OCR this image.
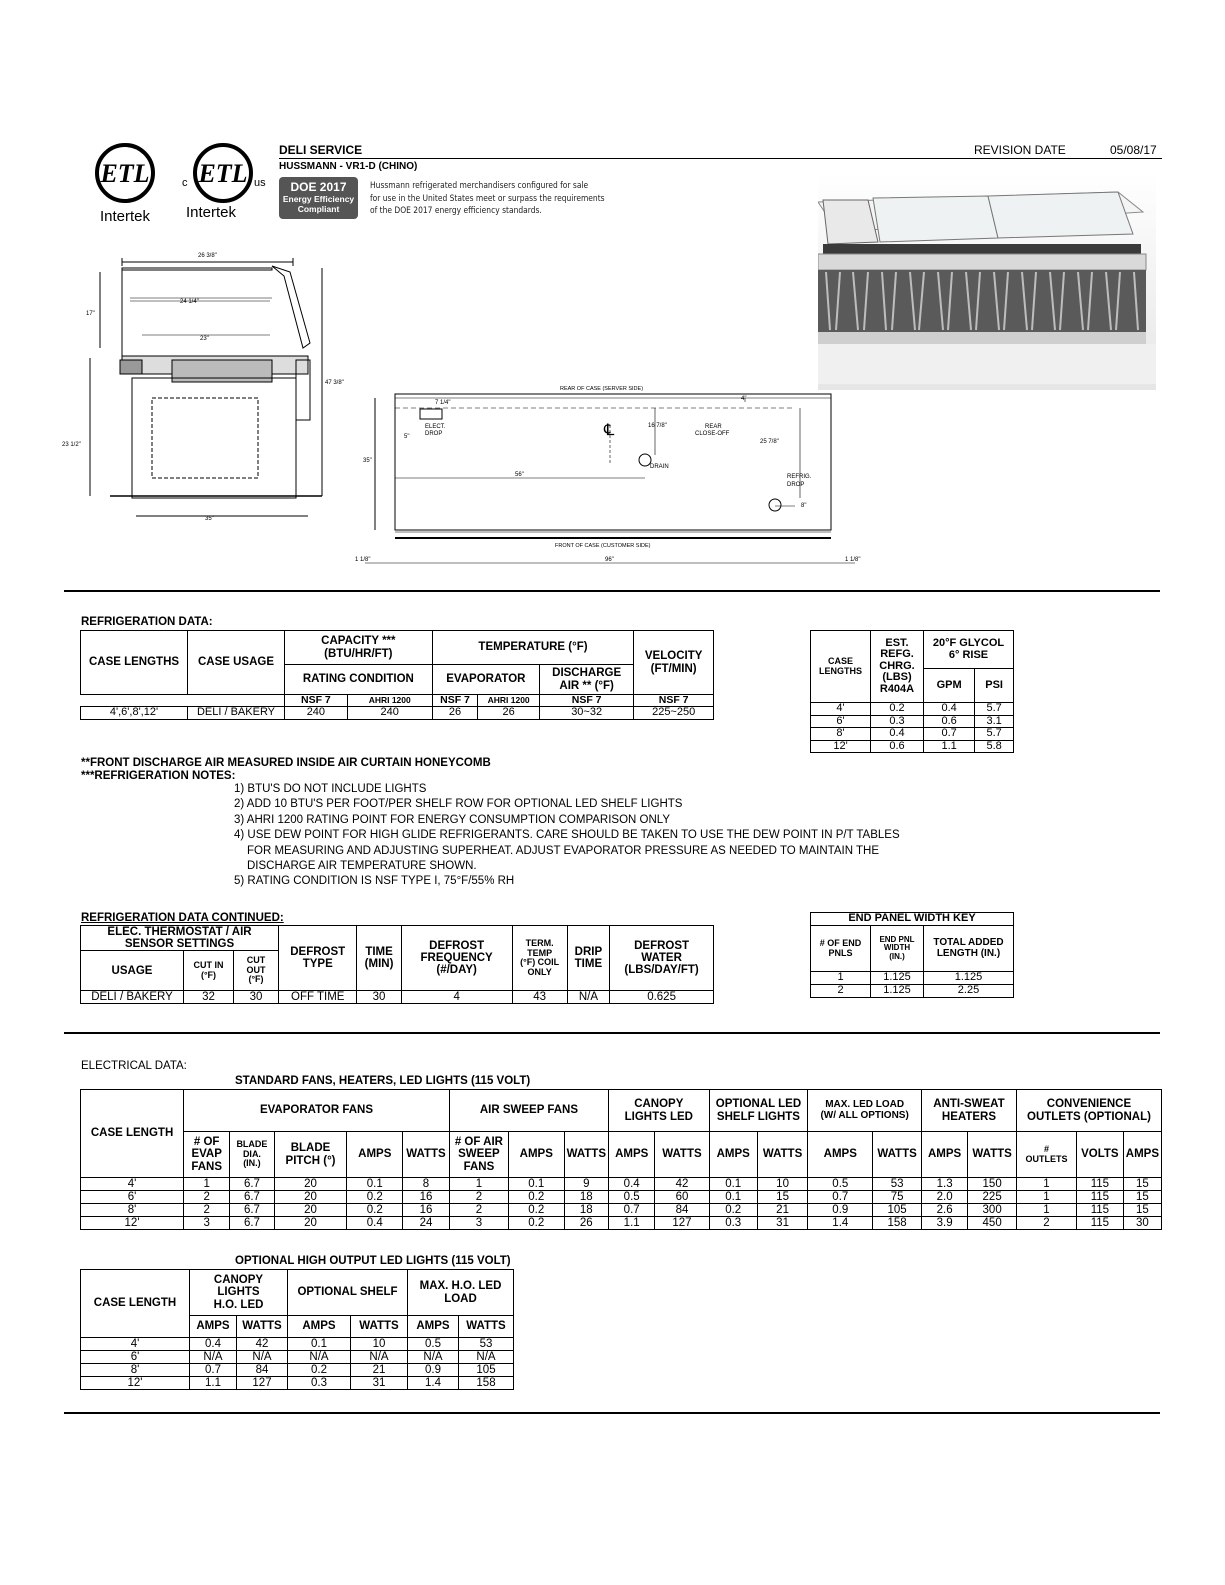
ETL
Intertek
c ETL us
Intertek
DELI SERVICE	REVISION DATE	05/08/17
HUSSMANN - VR1-D (CHINO)
DOE 2017
Energy Efficiency
Compliant
Hussmann refrigerated merchandisers configured for sale
for use in the United States meet or surpass the requirements
of the DOE 2017 energy efficiency standards.
26 3/8"
24 1/4"
17"
23"
47 3/8"
23 1/2"
35"
REAR OF CASE (SERVER SIDE)
FRONT OF CASE (CUSTOMER SIDE)
7 1/4"
5"
ELECT.
DROP	℄	16 7/8"
4"
REAR
CLOSE-OFF
25 7/8"
DRAIN
56"
35"
REFRIG.
DROP
8"
1 1/8"	96"	1 1/8"
REFRIGERATION DATA:
CASE LENGTHS	CASE USAGE	CAPACITY ***
(BTU/HR/FT)		TEMPERATURE (°F)			VELOCITY
(FT/MIN)
		RATING CONDITION		EVAPORATOR		DISCHARGE
AIR ** (°F)	
		NSF 7	AHRI 1200	NSF 7	AHRI 1200	NSF 7	NSF 7
4',6',8',12'	DELI / BAKERY	240	240	26	26	30~32	225~250
CASE
LENGTHS	EST.
REFG.
CHRG.
(LBS)
R404A	20°F GLYCOL
6° RISE	
		GPM	PSI
4'	0.2	0.4	5.7
6'	0.3	0.6	3.1
8'	0.4	0.7	5.7
12'	0.6	1.1	5.8
**FRONT DISCHARGE AIR MEASURED INSIDE AIR CURTAIN HONEYCOMB
***REFRIGERATION NOTES:
1) BTU'S DO NOT INCLUDE LIGHTS
2) ADD 10 BTU'S PER FOOT/PER SHELF ROW FOR OPTIONAL LED SHELF LIGHTS
3) AHRI 1200 RATING POINT FOR ENERGY CONSUMPTION COMPARISON ONLY
4) USE DEW POINT FOR HIGH GLIDE REFRIGERANTS. CARE SHOULD BE TAKEN TO USE THE DEW POINT IN P/T TABLES
FOR MEASURING AND ADJUSTING SUPERHEAT. ADJUST EVAPORATOR PRESSURE AS NEEDED TO MAINTAIN THE
DISCHARGE AIR TEMPERATURE SHOWN.
5) RATING CONDITION IS NSF TYPE I, 75°F/55% RH
REFRIGERATION DATA CONTINUED:
ELEC. THERMOSTAT / AIR
SENSOR SETTINGS			DEFROST
TYPE	TIME
(MIN)	DEFROST
FREQUENCY
(#/DAY)	TERM.
TEMP
(°F) COIL
ONLY	DRIP
TIME	DEFROST
WATER
(LBS/DAY/FT)
USAGE	CUT IN
(°F)	CUT
OUT
(°F)						
DELI / BAKERY	32	30	OFF TIME	30	4	43	N/A	0.625
END PANEL WIDTH KEY		
# OF END
PNLS	END PNL
WIDTH
(IN.)	TOTAL ADDED
LENGTH (IN.)
1	1.125	1.125
2	1.125	2.25
ELECTRICAL DATA:
STANDARD FANS, HEATERS, LED LIGHTS (115 VOLT)
CASE LENGTH	EVAPORATOR FANS					AIR SWEEP FANS			CANOPY
LIGHTS LED		OPTIONAL LED
SHELF LIGHTS		MAX. LED LOAD
(W/ ALL OPTIONS)		ANTI-SWEAT
HEATERS		CONVENIENCE
OUTLETS (OPTIONAL)		
	# OF
EVAP
FANS	BLADE
DIA.
(IN.)	BLADE
PITCH (°)	AMPS	WATTS	# OF AIR
SWEEP
FANS	AMPS	WATTS	AMPS	WATTS	AMPS	WATTS	AMPS	WATTS	AMPS	WATTS	#
OUTLETS	VOLTS	AMPS
4'	1	6.7	20	0.1	8	1	0.1	9	0.4	42	0.1	10	0.5	53	1.3	150	1	115	15
6'	2	6.7	20	0.2	16	2	0.2	18	0.5	60	0.1	15	0.7	75	2.0	225	1	115	15
8'	2	6.7	20	0.2	16	2	0.2	18	0.7	84	0.2	21	0.9	105	2.6	300	1	115	15
12'	3	6.7	20	0.4	24	3	0.2	26	1.1	127	0.3	31	1.4	158	3.9	450	2	115	30
OPTIONAL HIGH OUTPUT LED LIGHTS (115 VOLT)
CASE LENGTH	CANOPY
LIGHTS
H.O. LED		OPTIONAL SHELF		MAX. H.O. LED
LOAD	
	AMPS	WATTS	AMPS	WATTS	AMPS	WATTS
4'	0.4	42	0.1	10	0.5	53
6'	N/A	N/A	N/A	N/A	N/A	N/A
8'	0.7	84	0.2	21	0.9	105
12'	1.1	127	0.3	31	1.4	158
